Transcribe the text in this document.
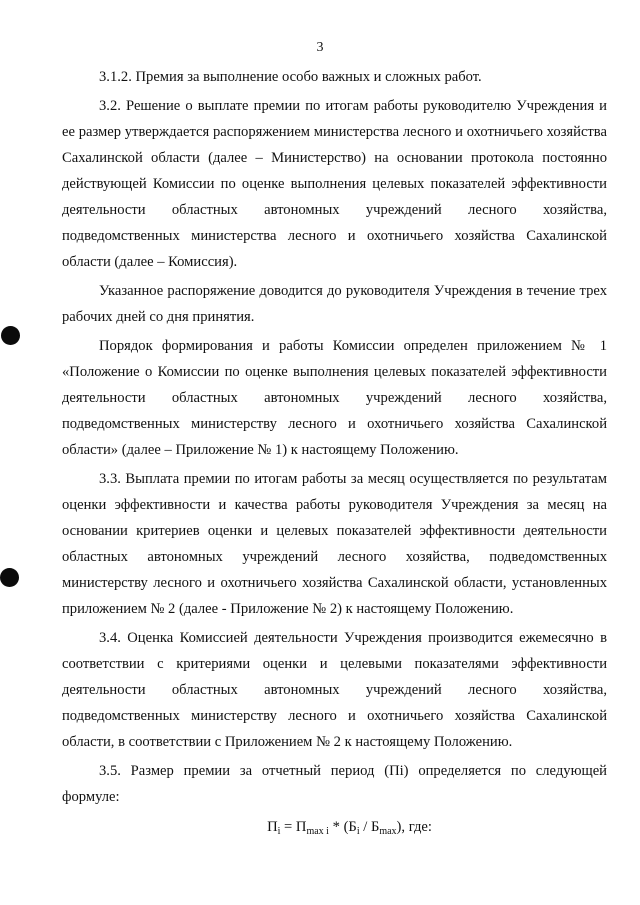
3

3.1.2. Премия за выполнение особо важных и сложных работ.

3.2. Решение о выплате премии по итогам работы руководителю Учреждения и ее размер утверждается распоряжением министерства лесного и охотничьего хозяйства Сахалинской области (далее – Министерство) на основании протокола постоянно действующей Комиссии по оценке выполнения целевых показателей эффективности деятельности областных автономных учреждений лесного хозяйства, подведомственных министерства лесного и охотничьего хозяйства Сахалинской области (далее – Комиссия).

Указанное распоряжение доводится до руководителя Учреждения в течение трех рабочих дней со дня принятия.

Порядок формирования и работы Комиссии определен приложением № 1 «Положение о Комиссии по оценке выполнения целевых показателей эффективности деятельности областных автономных учреждений лесного хозяйства, подведомственных министерству лесного и охотничьего хозяйства Сахалинской области» (далее – Приложение № 1) к настоящему Положению.

3.3. Выплата премии по итогам работы за месяц осуществляется по результатам оценки эффективности и качества работы руководителя Учреждения за месяц на основании критериев оценки и целевых показателей эффективности деятельности областных автономных учреждений лесного хозяйства, подведомственных министерству лесного и охотничьего хозяйства Сахалинской области, установленных приложением № 2 (далее - Приложение № 2) к настоящему Положению.

3.4. Оценка Комиссией деятельности Учреждения производится ежемесячно в соответствии с критериями оценки и целевыми показателями эффективности деятельности областных автономных учреждений лесного хозяйства, подведомственных министерству лесного и охотничьего хозяйства Сахалинской области, в соответствии с Приложением № 2 к настоящему Положению.

3.5. Размер премии за отчетный период (Пi) определяется по следующей формуле:

$П_i = П_{max i} * (Б_i / Б_{max})$, где:
